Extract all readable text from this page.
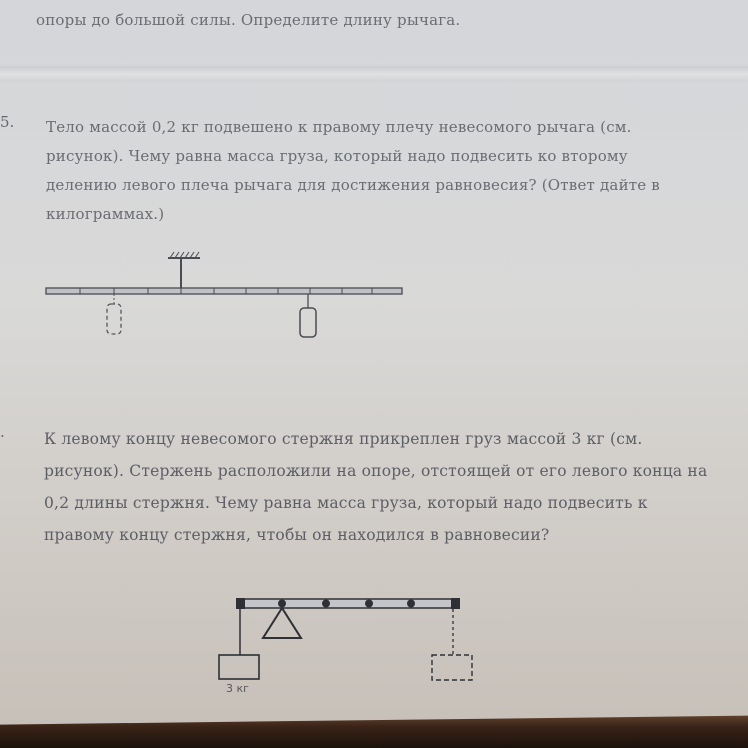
опоры до большой силы. Определите длину рычага.

5. Тело массой 0,2 кг подвешено к правому плечу невесомого рычага (см.
рисунок). Чему равна масса груза, который надо подвесить ко второму
делению левого плеча рычага для достижения равновесия? (Ответ дайте в
килограммах.)
.	К левому концу невесомого стержня прикреплен груз массой 3 кг (см.
рисунок). Стержень расположили на опоре, отстоящей от его левого конца на
0,2 длины стержня. Чему равна масса груза, который надо подвесить к
правому концу стержня, чтобы он находился в равновесии?
3 кг
